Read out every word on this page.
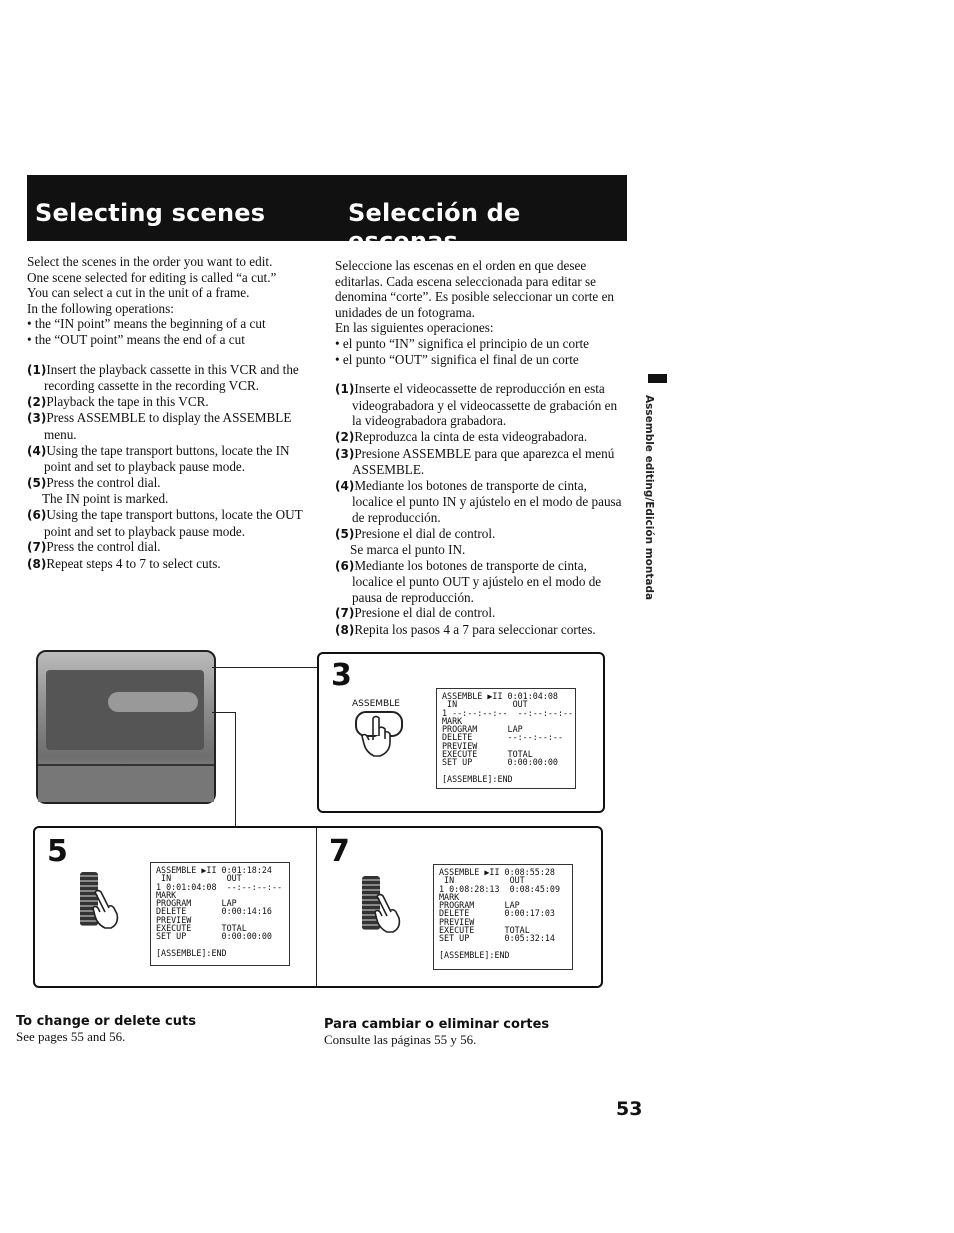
Selecting scenes	Selección de escenas

Select the scenes in the order you want to edit.

One scene selected for editing is called “a cut.”

You can select a cut in the unit of a frame.

In the following operations:

• the “IN point” means the beginning of a cut

• the “OUT point” means the end of a cut

(1)Insert the playback cassette in this VCR and the recording cassette in the recording VCR.

(2)Playback the tape in this VCR.

(3)Press ASSEMBLE to display the ASSEMBLE menu.

(4)Using the tape transport buttons, locate the IN point and set to playback pause mode.

(5)Press the control dial.

The IN point is marked.

(6)Using the tape transport buttons, locate the OUT point and set to playback pause mode.

(7)Press the control dial.

(8)Repeat steps 4 to 7 to select cuts.

Seleccione las escenas en el orden en que desee editarlas. Cada escena seleccionada para editar se denomina “corte”. Es posible seleccionar un corte en unidades de un fotograma.

En las siguientes operaciones:

• el punto “IN” significa el principio de un corte

• el punto “OUT” significa el final de un corte

(1)Inserte el videocassette de reproducción en esta videograbadora y el videocassette de grabación en la videograbadora grabadora.

(2)Reproduzca la cinta de esta videograbadora.

(3)Presione ASSEMBLE para que aparezca el menú ASSEMBLE.

(4)Mediante los botones de transporte de cinta, localice el punto IN y ajústelo en el modo de pausa de reproducción.

(5)Presione el dial de control.

Se marca el punto IN.

(6)Mediante los botones de transporte de cinta, localice el punto OUT y ajústelo en el modo de pausa de reproducción.

(7)Presione el dial de control.

(8)Repita los pasos 4 a 7 para seleccionar cortes.

Assemble editing/Edición montada
3
ASSEMBLE
ASSEMBLE ▶II 0:01:04:08
IN           OUT
1 --:--:--:--  --:--:--:--
MARK
PROGRAM      LAP
DELETE       --:--:--:--
PREVIEW
EXECUTE      TOTAL
SET UP       0:00:00:00

[ASSEMBLE]:END
5
ASSEMBLE ▶II 0:01:18:24
IN           OUT
1 0:01:04:08  --:--:--:--
MARK
PROGRAM      LAP
DELETE       0:00:14:16
PREVIEW
EXECUTE      TOTAL
SET UP       0:00:00:00

[ASSEMBLE]:END
7
ASSEMBLE ▶II 0:08:55:28
IN           OUT
1 0:08:28:13  0:08:45:09
MARK
PROGRAM      LAP
DELETE       0:00:17:03
PREVIEW
EXECUTE      TOTAL
SET UP       0:05:32:14

[ASSEMBLE]:END
To change or delete cuts
See pages 55 and 56.
Para cambiar o eliminar cortes
Consulte las páginas 55 y 56.
53
